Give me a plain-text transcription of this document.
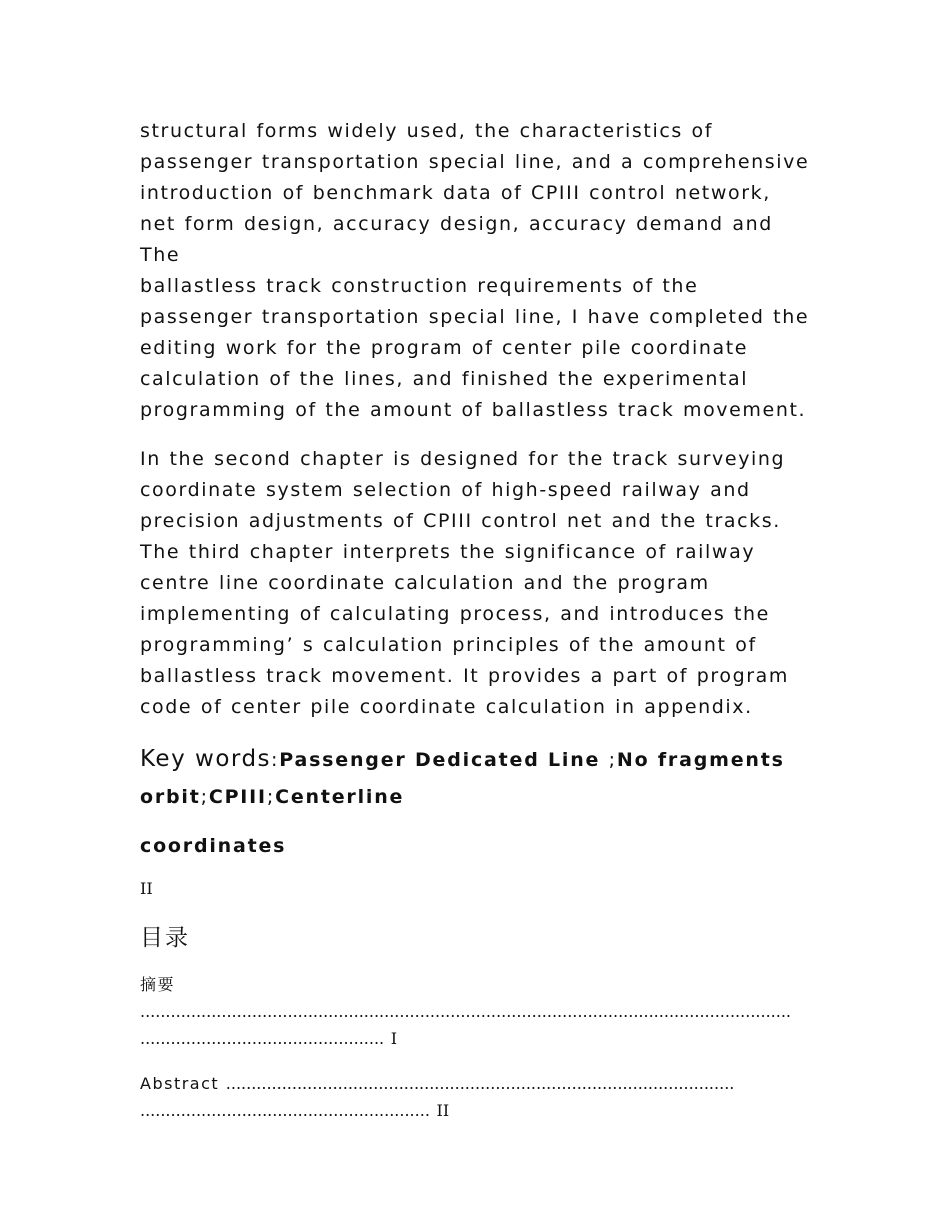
structural forms widely used, the characteristics of
passenger transportation special line, and a comprehensive
introduction of benchmark data of CPIII control network,
net form design, accuracy design, accuracy demand and The
ballastless track construction requirements of the
passenger transportation special line, I have completed the
editing work for the program of center pile coordinate
calculation of the lines, and finished the experimental
programming of the amount of ballastless track movement.

In the second chapter is designed for the track surveying
coordinate system selection of high-speed railway and
precision adjustments of CPIII control net and the tracks.
The third chapter interprets the significance of railway
centre line coordinate calculation and the program
implementing of calculating process, and introduces the
programming’ s calculation principles of the amount of
ballastless track movement. It provides a part of program
code of center pile coordinate calculation in appendix.

Key words:Passenger Dedicated Line ;No fragments
orbit;CPIII;Centerline
coordinates
II
目录
摘要
................................................................................................................................
................................................ I
Abstract ....................................................................................................
......................................................... II
